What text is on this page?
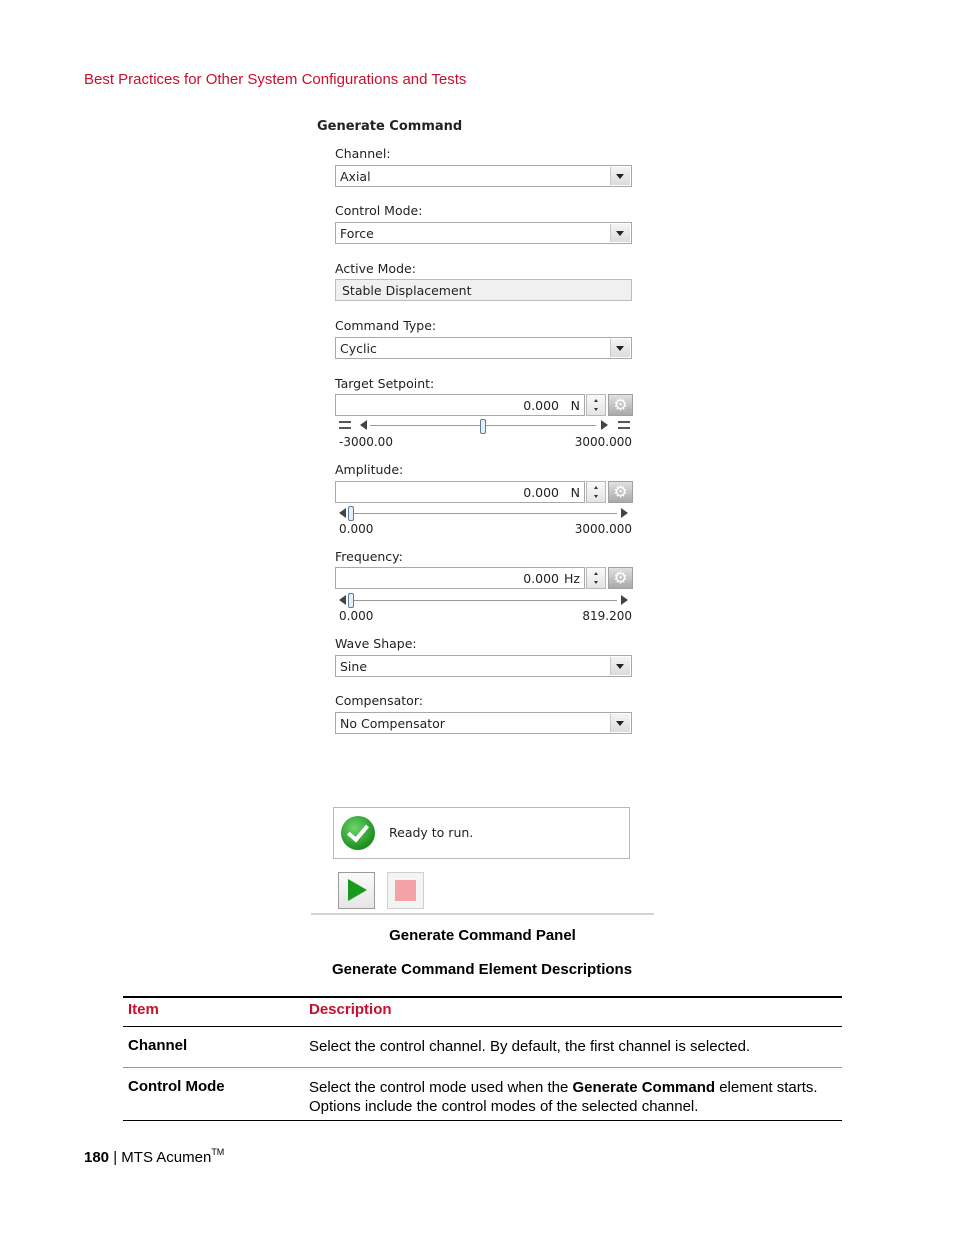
Best Practices for Other System Configurations and Tests
Generate Command
Channel:
Axial
Control Mode:
Force
Active Mode:
Stable Displacement
Command Type:
Cyclic
Target Setpoint:
0.000 N	⚙
-3000.00	3000.000
Amplitude:
0.000 N	⚙
0.000	3000.000
Frequency:
0.000 Hz	⚙
0.000	819.200
Wave Shape:
Sine
Compensator:
No Compensator
Ready to run.
Generate Command Panel
Generate Command Element Descriptions
Item	Description
Channel	Select the control channel. By default, the first channel is selected.
Control Mode	Select the control mode used when the Generate Command element starts. Options include the control modes of the selected channel.
180 | MTS Acumen™
